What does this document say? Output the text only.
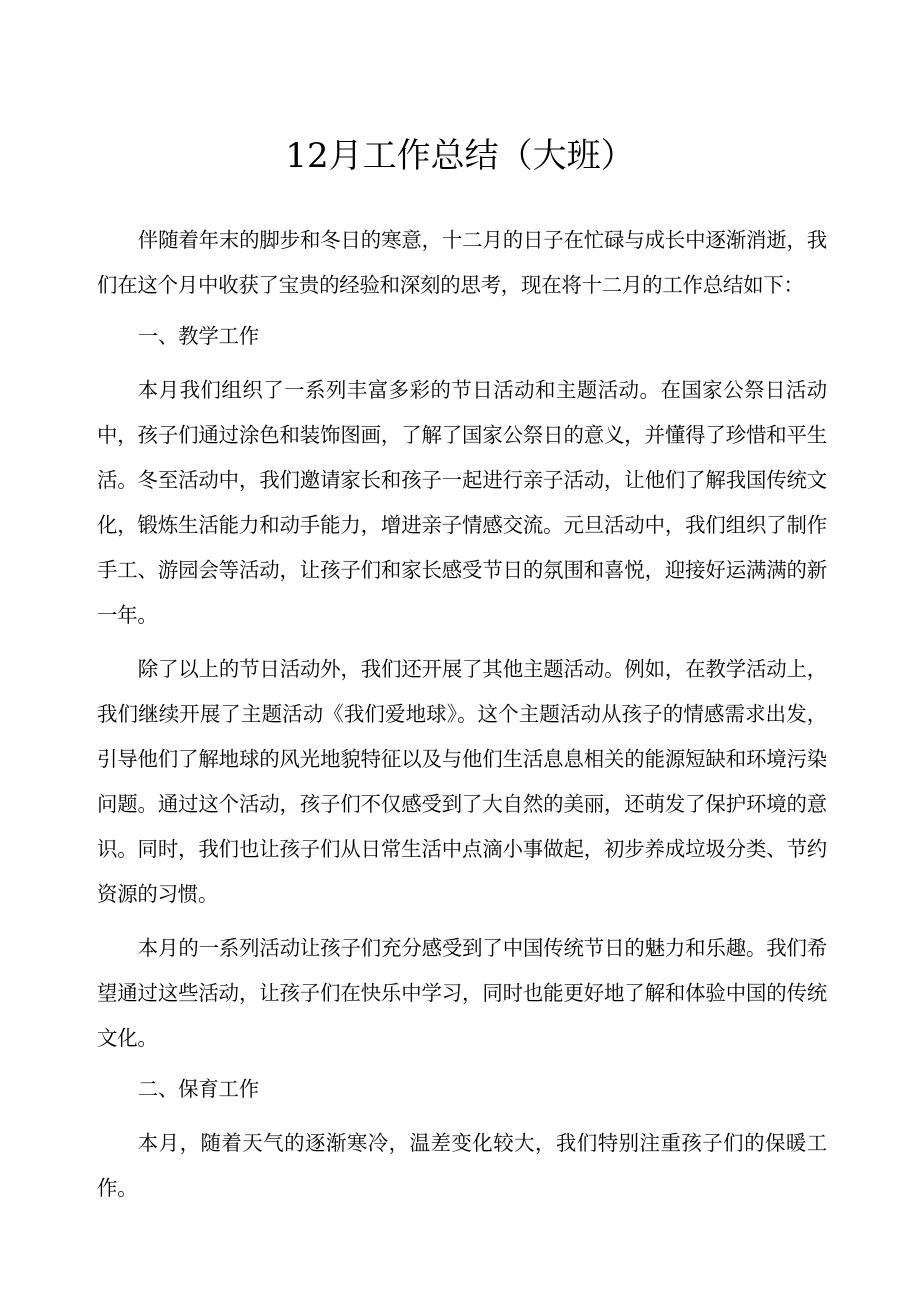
12月工作总结（大班）

伴随着年末的脚步和冬日的寒意，十二月的日子在忙碌与成长中逐渐消逝，我们在这个月中收获了宝贵的经验和深刻的思考，现在将十二月的工作总结如下：

一、教学工作

本月我们组织了一系列丰富多彩的节日活动和主题活动。在国家公祭日活动中，孩子们通过涂色和装饰图画，了解了国家公祭日的意义，并懂得了珍惜和平生活。冬至活动中，我们邀请家长和孩子一起进行亲子活动，让他们了解我国传统文化，锻炼生活能力和动手能力，增进亲子情感交流。元旦活动中，我们组织了制作手工、游园会等活动，让孩子们和家长感受节日的氛围和喜悦，迎接好运满满的新一年。

除了以上的节日活动外，我们还开展了其他主题活动。例如，在教学活动上，我们继续开展了主题活动《我们爱地球》。这个主题活动从孩子的情感需求出发，引导他们了解地球的风光地貌特征以及与他们生活息息相关的能源短缺和环境污染问题。通过这个活动，孩子们不仅感受到了大自然的美丽，还萌发了保护环境的意识。同时，我们也让孩子们从日常生活中点滴小事做起，初步养成垃圾分类、节约资源的习惯。

本月的一系列活动让孩子们充分感受到了中国传统节日的魅力和乐趣。我们希望通过这些活动，让孩子们在快乐中学习，同时也能更好地了解和体验中国的传统文化。

二、保育工作

本月，随着天气的逐渐寒冷，温差变化较大，我们特别注重孩子们的保暖工作。
